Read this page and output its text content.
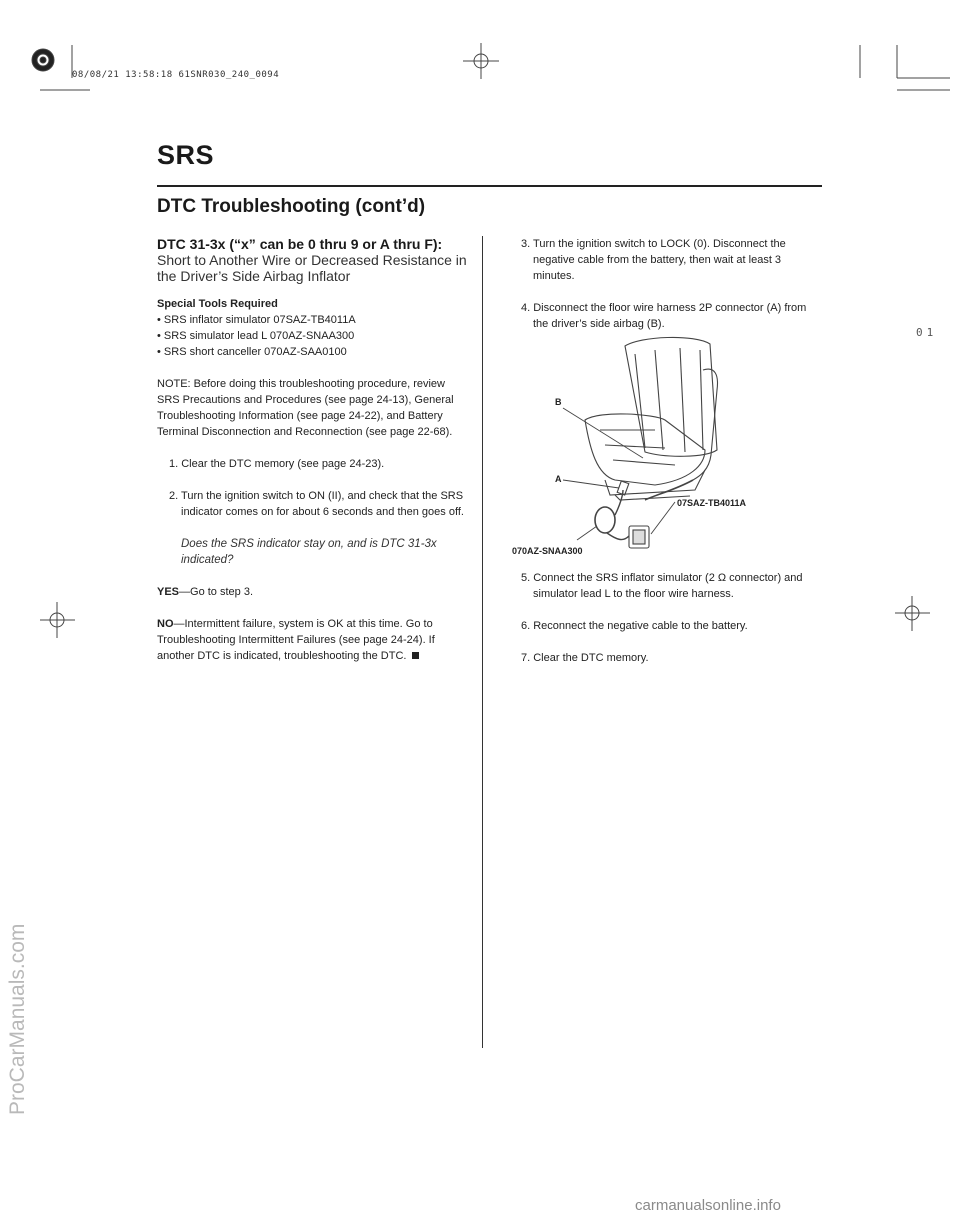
08/08/21 13:58:18 61SNR030_240_0094
SRS
DTC Troubleshooting (cont’d)
01
DTC 31-3x (“x” can be 0 thru 9 or A thru F):
Short to Another Wire or Decreased Resistance in the Driver’s Side Airbag Inflator

Special Tools Required

• SRS inflator simulator 07SAZ-TB4011A

• SRS simulator lead L 070AZ-SNAA300

• SRS short canceller 070AZ-SAA0100

NOTE: Before doing this troubleshooting procedure, review SRS Precautions and Procedures (see page 24-13), General Troubleshooting Information (see page 24-22), and Battery Terminal Disconnection and Reconnection (see page 22-68).

1. Clear the DTC memory (see page 24-23).

2. Turn the ignition switch to ON (II), and check that the SRS indicator comes on for about 6 seconds and then goes off.

Does the SRS indicator stay on, and is DTC 31-3x indicated?

YES—Go to step 3.

NO—Intermittent failure, system is OK at this time. Go to Troubleshooting Intermittent Failures (see page 24-24). If another DTC is indicated, troubleshooting the DTC.

3. Turn the ignition switch to LOCK (0). Disconnect the negative cable from the battery, then wait at least 3 minutes.

4. Disconnect the floor wire harness 2P connector (A) from the driver’s side airbag (B).

B
A
07SAZ-TB4011A
070AZ-SNAA300

5. Connect the SRS inflator simulator (2 Ω connector) and simulator lead L to the floor wire harness.

6. Reconnect the negative cable to the battery.

7. Clear the DTC memory.

ProCarManuals.com
carmanualsonline.info
